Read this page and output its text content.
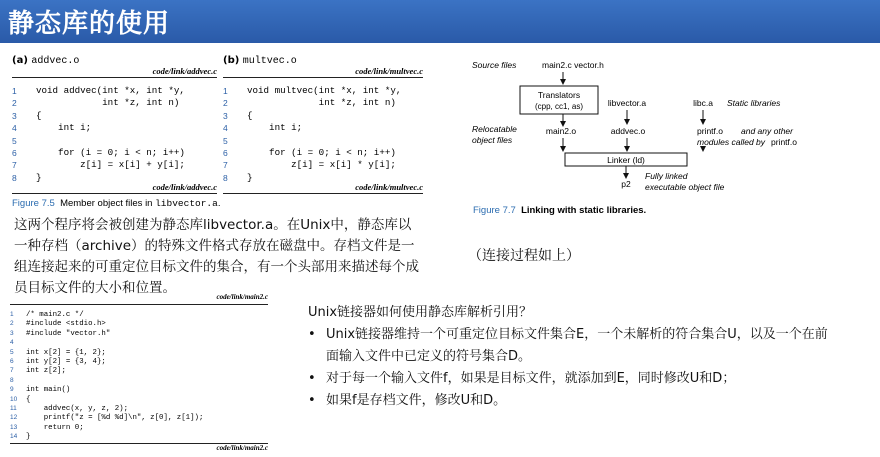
静态库的使用
(a) addvec.o
code/link/addvec.c
1	void addvec(int *x, int *y,
2	int *z, int n)
3	{
4	int i;
5
6	for (i = 0; i < n; i++)
7	z[i] = x[i] + y[i];
8	}
code/link/addvec.c
(b) multvec.o
code/link/multvec.c
1	void multvec(int *x, int *y,
2	int *z, int n)
3	{
4	int i;
5
6	for (i = 0; i < n; i++)
7	z[i] = x[i] * y[i];
8	}
code/link/multvec.c
Figure 7.5 Member object files in libvector.a.
这两个程序将会被创建为静态库libvector.a。在Unix中，静态库以
一种存档（archive）的特殊文件格式存放在磁盘中。存档文件是一
组连接起来的可重定位目标文件的集合，有一个头部用来描述每个成
员目标文件的大小和位置。
Source files	main2.c vector.h
Translators
(cpp, cc1, as)
Relocatable
object files
main2.o
libvector.a
addvec.o
libc.a Static libraries
printf.o and any other
modules called by printf.o
Linker (ld)
p2
Fully linked
executable object file
Figure 7.7 Linking with static libraries.
（连接过程如上）
code/link/main2.c
1	/* main2.c */
2	#include <stdio.h>
3	#include "vector.h"
4
5	int x[2] = {1, 2};
6	int y[2] = {3, 4};
7	int z[2];
8
9	int main()
10	{
11	addvec(x, y, z, 2);
12	printf("z = [%d %d]\n", z[0], z[1]);
13	return 0;
14	}
code/link/main2.c
Unix链接器如何使用静态库解析引用？
• Unix链接器维持一个可重定位目标文件集合E，一个未解析的符合集合U，以及一个在前
面输入文件中已定义的符号集合D。
• 对于每一个输入文件f，如果是目标文件，就添加到E，同时修改U和D；
• 如果f是存档文件，修改U和D。
